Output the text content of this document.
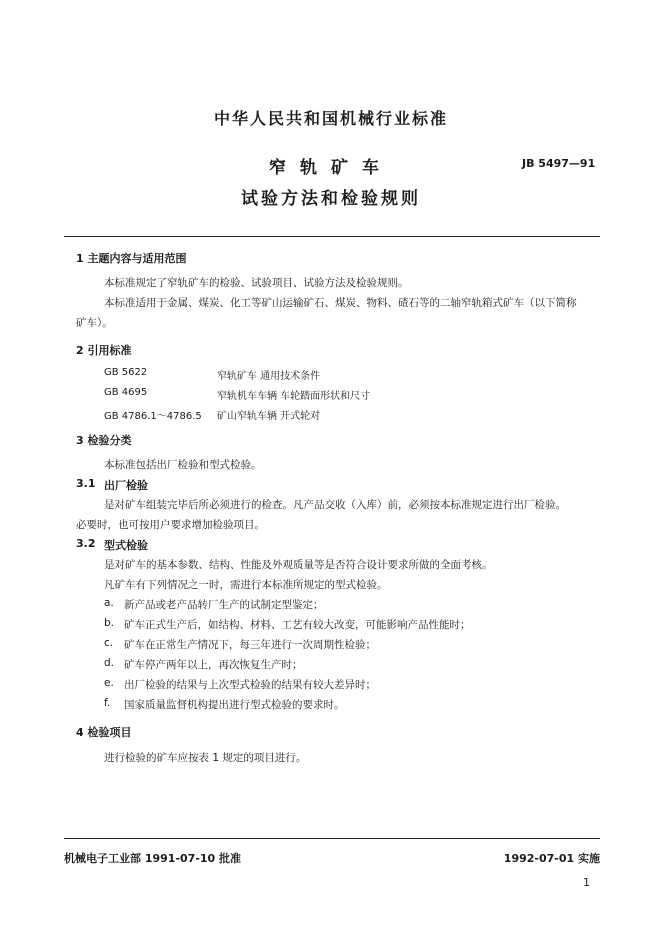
中华人民共和国机械行业标准
窄轨矿车
试验方法和检验规则
JB 5497—91
1 主题内容与适用范围
本标准规定了窄轨矿车的检验、试验项目、试验方法及检验规则。
本标准适用于金属、煤炭、化工等矿山运输矿石、煤炭、物料、碴石等的二轴窄轨箱式矿车（以下简称
矿车）。
2 引用标准
GB 5622	窄轨矿车 通用技术条件
GB 4695	窄轨机车车辆 车轮踏面形状和尺寸
GB 4786.1～4786.5 矿山窄轨车辆 开式轮对
3 检验分类
本标准包括出厂检验和型式检验。
3.1 出厂检验
是对矿车组装完毕后所必须进行的检查。凡产品交收（入库）前，必须按本标准规定进行出厂检验。
必要时，也可按用户要求增加检验项目。
3.2 型式检验
是对矿车的基本参数、结构、性能及外观质量等是否符合设计要求所做的全面考核。
凡矿车有下列情况之一时，需进行本标准所规定的型式检验。
a. 新产品或老产品转厂生产的试制定型鉴定；
b. 矿车正式生产后，如结构、材料、工艺有较大改变，可能影响产品性能时；
c. 矿车在正常生产情况下，每三年进行一次周期性检验；
d. 矿车停产两年以上，再次恢复生产时；
e. 出厂检验的结果与上次型式检验的结果有较大差异时；
f. 国家质量监督机构提出进行型式检验的要求时。
4 检验项目
进行检验的矿车应按表 1 规定的项目进行。
机械电子工业部 1991-07-10 批准	1992-07-01 实施
1
